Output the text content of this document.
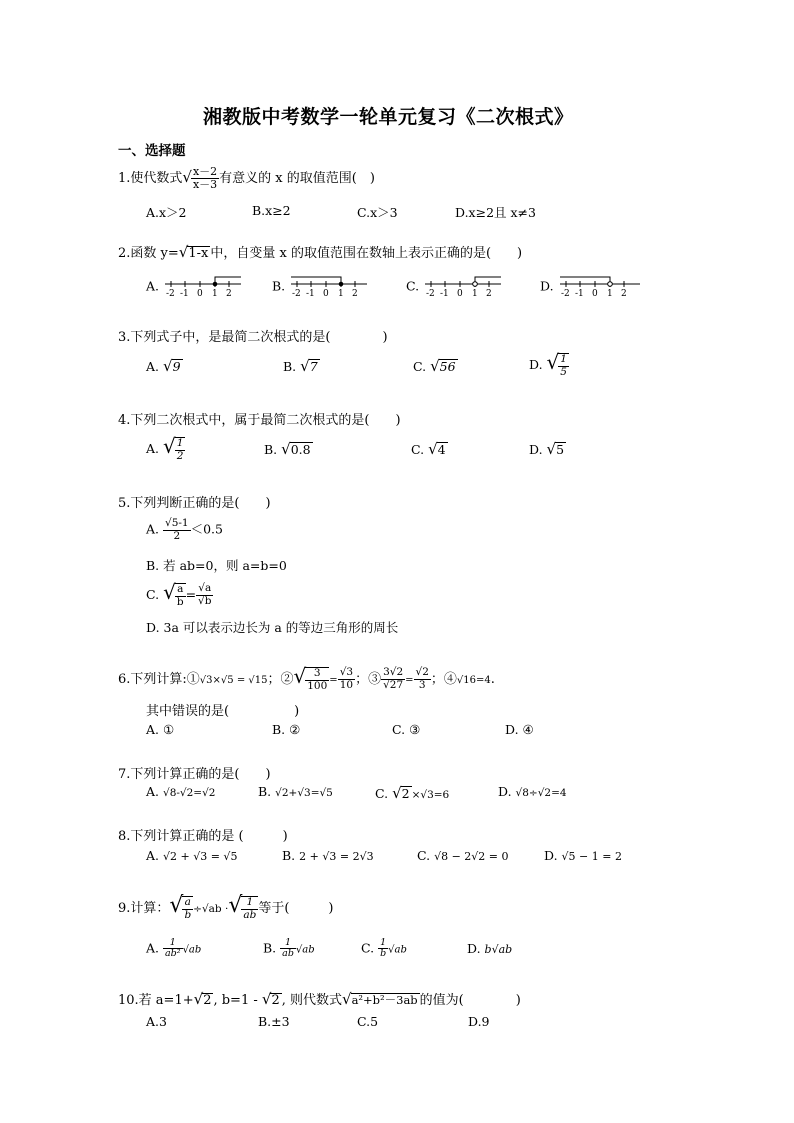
湘教版中考数学一轮单元复习《二次根式》
一、选择题
1.使代数式√ $\frac{x-2}{x-3}$ 有意义的 x 的取值范围(　)
A.x＞2	B.x≥2	C.x＞3	D.x≥2且 x≠3
2.函数 y=√1-x 中，自变量 x 的取值范围在数轴上表示正确的是(　　)
A.
-2 -1 0 1 2
B.
-2 -1 0 1 2
C.
-2 -1 0 1 2
D.
-2 -1 0 1 2
3.下列式子中，是最简二次根式的是(　　　　)
A. √9	B. √7	C. √56	D. √ $\frac{1}{5}$
4.下列二次根式中，属于最简二次根式的是(　　)
A. √ $\frac{1}{2}$	B. √0.8	C. √4	D. √5
5.下列判断正确的是(　　)
A. $\frac{√5-1}{2} <0.5$
B. 若 ab=0，则 a=b=0
C. √ $\frac{a}{b} = \frac{√a}{√b}$
D. 3a 可以表示边长为 a 的等边三角形的周长
6.下列计算:①√3×√5 = √15；②√ $\frac{3}{100} = \frac{√3}{10}$ ；③ $\frac{3√2}{√27} = \frac{√2}{3}$ ；④√16=4.
其中错误的是(　　　　　)
A. ①	B. ②	C. ③	D. ④
7.下列计算正确的是(　　)
A. √8-√2=√2	B. √2+√3=√5	C. √2 ×√3=6	D. √8÷√2=4
8.下列计算正确的是 (　　　)
A. √2 + √3 = √5	B. 2 + √3 = 2√3	C. √8 − 2√2 = 0	D. √5 − 1 = 2
9.计算：√ $\frac{a}{b} \div√ab$ ·√ $\frac{1}{ab}$ 等于(　　　)
A. $\frac{1}{\text{ab²}} √ab$	B. $\frac{1}{ab} √ab$	C. $\frac{1}{b} √ab$	D. b√ab
10.若 a=1+√2 , b=1 - √2 , 则代数式√a²+b²－3ab 的值为(　　　　)
A.3	B.±3	C.5	D.9
